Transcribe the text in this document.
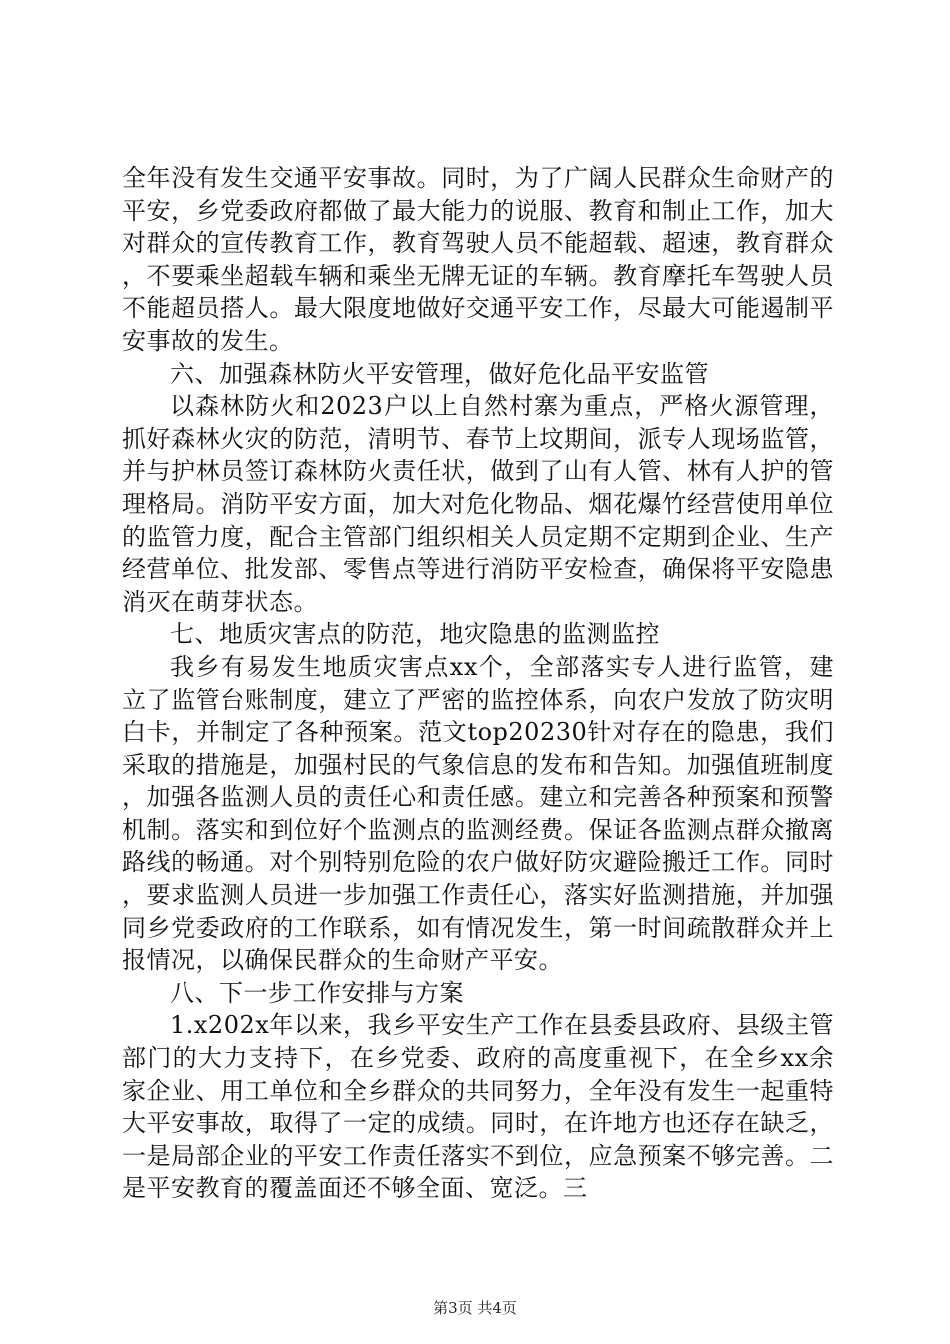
全年没有发生交通平安事故。同时，为了广阔人民群众生命财产的平安，乡党委政府都做了最大能力的说服、教育和制止工作，加大对群众的宣传教育工作，教育驾驶人员不能超载、超速，教育群众，不要乘坐超载车辆和乘坐无牌无证的车辆。教育摩托车驾驶人员不能超员搭人。最大限度地做好交通平安工作，尽最大可能遏制平安事故的发生。

六、加强森林防火平安管理，做好危化品平安监管

以森林防火和2023户以上自然村寨为重点，严格火源管理，抓好森林火灾的防范，清明节、春节上坟期间，派专人现场监管，并与护林员签订森林防火责任状，做到了山有人管、林有人护的管理格局。消防平安方面，加大对危化物品、烟花爆竹经营使用单位的监管力度，配合主管部门组织相关人员定期不定期到企业、生产经营单位、批发部、零售点等进行消防平安检查，确保将平安隐患消灭在萌芽状态。

七、地质灾害点的防范，地灾隐患的监测监控

我乡有易发生地质灾害点xx个，全部落实专人进行监管，建立了监管台账制度，建立了严密的监控体系，向农户发放了防灾明白卡，并制定了各种预案。范文top20230针对存在的隐患，我们采取的措施是，加强村民的气象信息的发布和告知。加强值班制度，加强各监测人员的责任心和责任感。建立和完善各种预案和预警机制。落实和到位好个监测点的监测经费。保证各监测点群众撤离路线的畅通。对个别特别危险的农户做好防灾避险搬迁工作。同时，要求监测人员进一步加强工作责任心，落实好监测措施，并加强同乡党委政府的工作联系，如有情况发生，第一时间疏散群众并上报情况，以确保民群众的生命财产平安。

八、下一步工作安排与方案

1.x202x年以来，我乡平安生产工作在县委县政府、县级主管部门的大力支持下，在乡党委、政府的高度重视下，在全乡xx余家企业、用工单位和全乡群众的共同努力，全年没有发生一起重特大平安事故，取得了一定的成绩。同时，在许地方也还存在缺乏，一是局部企业的平安工作责任落实不到位，应急预案不够完善。二是平安教育的覆盖面还不够全面、宽泛。三

第3页 共4页
